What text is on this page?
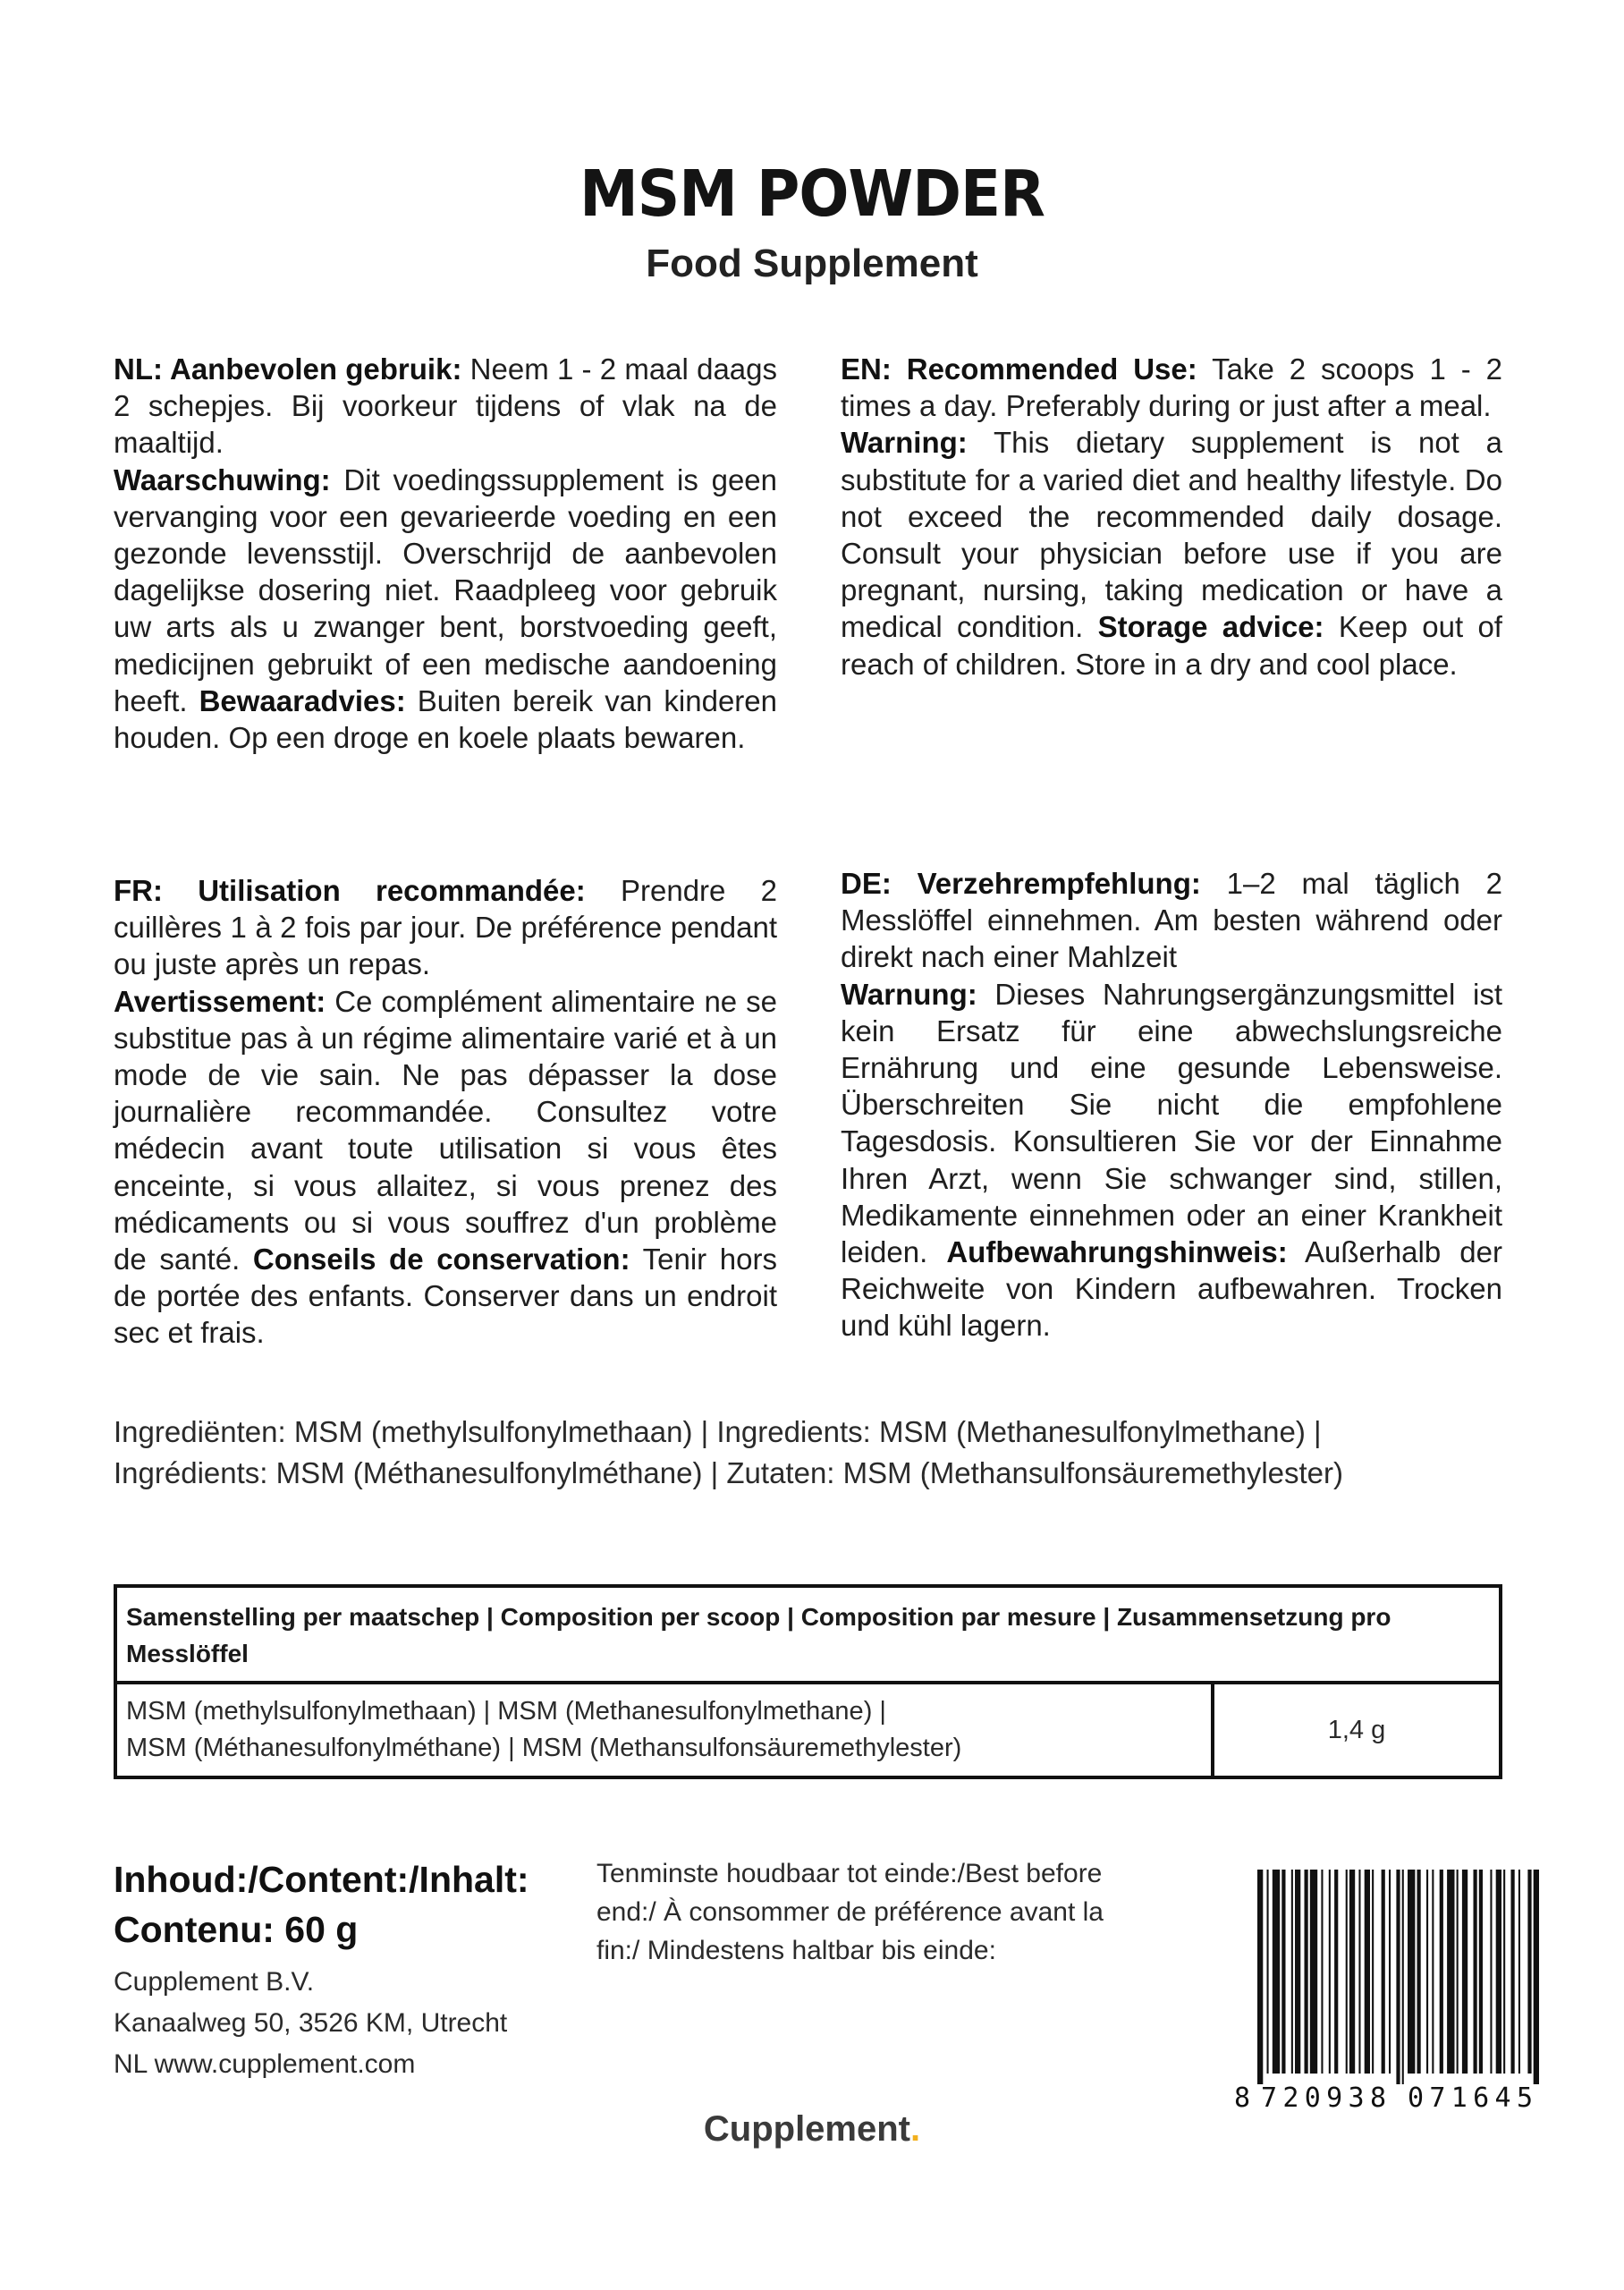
MSM POWDER
Food Supplement

NL: Aanbevolen gebruik: Neem 1 - 2 maal daags 2 schepjes. Bij voorkeur tijdens of vlak na de maaltijd.

Waarschuwing: Dit voedingssupplement is geen vervanging voor een gevarieerde voeding en een gezonde levensstijl. Overschrijd de aanbevolen dagelijkse dosering niet. Raadpleeg voor gebruik uw arts als u zwanger bent, borstvoeding geeft, medicijnen gebruikt of een medische aandoening heeft. Bewaaradvies: Buiten bereik van kinderen houden. Op een droge en koele plaats bewaren.

EN: Recommended Use: Take 2 scoops 1 - 2 times a day. Preferably during or just after a meal.

Warning: This dietary supplement is not a substitute for a varied diet and healthy lifestyle. Do not exceed the recommended daily dosage. Consult your physician before use if you are pregnant, nursing, taking medication or have a medical condition. Storage advice: Keep out of reach of children. Store in a dry and cool place.

FR: Utilisation recommandée: Prendre 2 cuillères 1 à 2 fois par jour. De préférence pendant ou juste après un repas.

Avertissement: Ce complément alimentaire ne se substitue pas à un régime alimentaire varié et à un mode de vie sain. Ne pas dépasser la dose journalière recommandée. Consultez votre médecin avant toute utilisation si vous êtes enceinte, si vous allaitez, si vous prenez des médicaments ou si vous souffrez d'un problème de santé. Conseils de conservation: Tenir hors de portée des enfants. Conserver dans un endroit sec et frais.

DE: Verzehrempfehlung: 1–2 mal täglich 2 Messlöffel einnehmen. Am besten während oder direkt nach einer Mahlzeit

Warnung: Dieses Nahrungsergänzungsmittel ist kein Ersatz für eine abwechslungsreiche Ernährung und eine gesunde Lebensweise. Überschreiten Sie nicht die empfohlene Tagesdosis. Konsultieren Sie vor der Einnahme Ihren Arzt, wenn Sie schwanger sind, stillen, Medikamente einnehmen oder an einer Krankheit leiden. Aufbewahrungshinweis: Außerhalb der Reichweite von Kindern aufbewahren. Trocken und kühl lagern.

Ingrediënten: MSM (methylsulfonylmethaan) | Ingredients: MSM (Methanesulfonylmethane) |
Ingrédients: MSM (Méthanesulfonylméthane) | Zutaten: MSM (Methansulfonsäuremethylester)
Samenstelling per maatschep | Composition per scoop | Composition par mesure | Zusammensetzung pro Messlöffel
MSM (methylsulfonylmethaan) | MSM (Methanesulfonylmethane) |
MSM (Méthanesulfonylméthane) | MSM (Methansulfonsäuremethylester)
1,4 g
Inhoud:/Content:/Inhalt:
Contenu: 60 g
Cupplement B.V.
Kanaalweg 50, 3526 KM, Utrecht
NL www.cupplement.com
Tenminste houdbaar tot einde:/Best before end:/ À consommer de préférence avant la fin:/ Mindestens haltbar bis einde:
8 720938 071645
Cupplement.
